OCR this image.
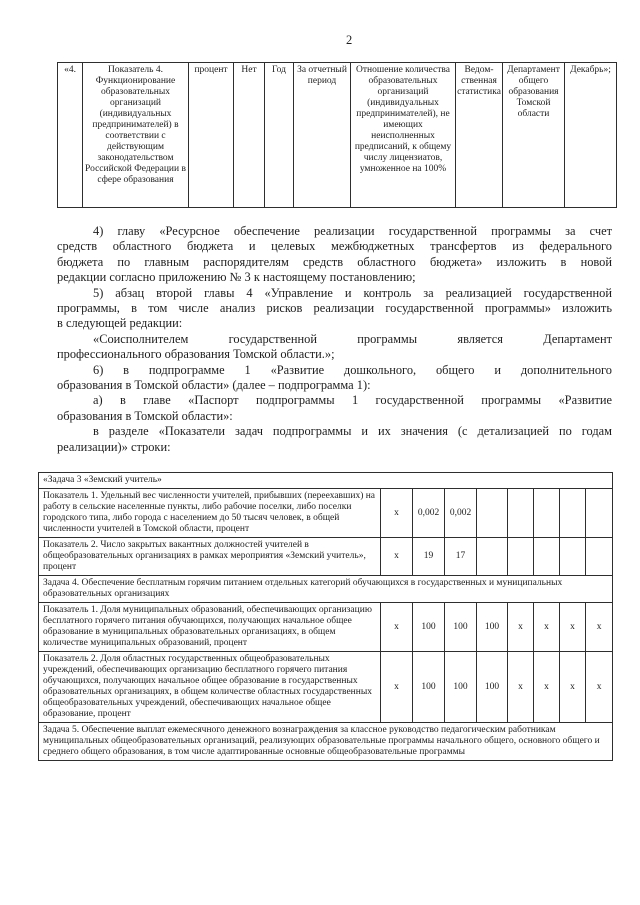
2
«4.	Показатель 4. Функционирование образовательных организаций (индивидуальных предпринимателей) в соответствии с действующим законодательством Российской Федерации в сфере образования	процент	Нет	Год	За отчетный период	Отношение количества образовательных организаций (индивидуальных предпринимателей), не имеющих неисполненных предписаний, к общему числу лицензиатов, умноженное на 100%	Ведомственная статистика	Департамент общего образования Томской области	Декабрь»;
4) главу «Ресурсное обеспечение реализации государственной программы за счет
средств областного бюджета и целевых межбюджетных трансфертов из федерального
бюджета по главным распорядителям средств областного бюджета» изложить в новой
редакции согласно приложению № 3 к настоящему постановлению;
5) абзац второй главы 4 «Управление и контроль за реализацией государственной
программы, в том числе анализ рисков реализации государственной программы» изложить
в следующей редакции:
«Соисполнителем государственной программы является Департамент
профессионального образования Томской области.»;
6) в подпрограмме 1 «Развитие дошкольного, общего и дополнительного
образования в Томской области» (далее – подпрограмма 1):
а) в главе «Паспорт подпрограммы 1 государственной программы «Развитие
образования в Томской области»:
в разделе «Показатели задач подпрограммы и их значения (с детализацией по годам
реализации)» строки:
«Задача 3 «Земский учитель»								
Показатель 1. Удельный вес численности учителей, прибывших (переехавших) на работу в сельские населенные пункты, либо рабочие поселки, либо поселки городского типа, либо города с населением до 50 тысяч человек, в общей численности учителей в Томской области, процент	х	0,002	0,002					
Показатель 2. Число закрытых вакантных должностей учителей в общеобразовательных организациях в рамках мероприятия «Земский учитель», процент	х	19	17					
Задача 4. Обеспечение бесплатным горячим питанием отдельных категорий обучающихся в государственных и муниципальных образовательных организациях								
Показатель 1. Доля муниципальных образований, обеспечивающих организацию бесплатного горячего питания обучающихся, получающих начальное общее образование в муниципальных образовательных организациях, в общем количестве муниципальных образований, процент	х	100	100	100	х	х	х	х
Показатель 2. Доля областных государственных общеобразовательных учреждений, обеспечивающих организацию бесплатного горячего питания обучающихся, получающих начальное общее образование в государственных образовательных организациях, в общем количестве областных государственных общеобразовательных учреждений, обеспечивающих начальное общее образование, процент	х	100	100	100	х	х	х	х
Задача 5. Обеспечение выплат ежемесячного денежного вознаграждения за классное руководство педагогическим работникам муниципальных общеобразовательных организаций, реализующих образовательные программы начального общего, основного общего и среднего общего образования, в том числе адаптированные основные общеобразовательные программы								
